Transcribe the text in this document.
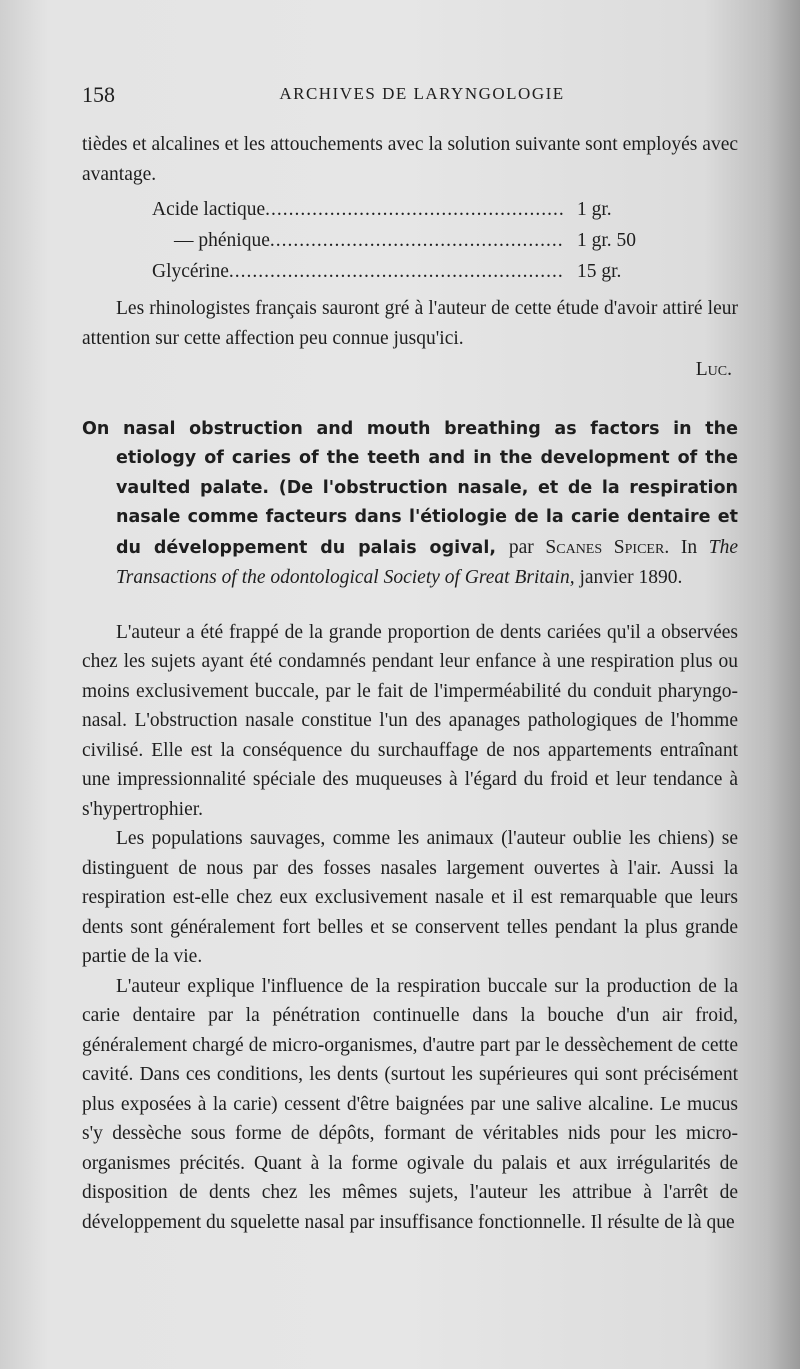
158	ARCHIVES DE LARYNGOLOGIE

tièdes et alcalines et les attouchements avec la solution suivante sont employés avec avantage.

Acide lactique .....	1 gr.
— phénique .....	1 gr. 50
Glycérine .....	15 gr.

Les rhinologistes français sauront gré à l'auteur de cette étude d'avoir attiré leur attention sur cette affection peu connue jusqu'ici.

Luc.
On nasal obstruction and mouth breathing as factors in the etiology of caries of the teeth and in the development of the vaulted palate. (De l'obstruction nasale, et de la respiration nasale comme facteurs dans l'étiologie de la carie dentaire et du développement du palais ogival, par Scanes Spicer. In The Transactions of the odontological Society of Great Britain, janvier 1890.

L'auteur a été frappé de la grande proportion de dents cariées qu'il a observées chez les sujets ayant été condamnés pendant leur enfance à une respiration plus ou moins exclusivement buccale, par le fait de l'imperméabilité du conduit pharyngo-nasal. L'obstruction nasale constitue l'un des apanages pathologiques de l'homme civilisé. Elle est la conséquence du surchauffage de nos appartements entraînant une impressionnalité spéciale des muqueuses à l'égard du froid et leur tendance à s'hypertrophier.

Les populations sauvages, comme les animaux (l'auteur oublie les chiens) se distinguent de nous par des fosses nasales largement ouvertes à l'air. Aussi la respiration est-elle chez eux exclusivement nasale et il est remarquable que leurs dents sont généralement fort belles et se conservent telles pendant la plus grande partie de la vie.

L'auteur explique l'influence de la respiration buccale sur la production de la carie dentaire par la pénétration continuelle dans la bouche d'un air froid, généralement chargé de micro-organismes, d'autre part par le dessèchement de cette cavité. Dans ces conditions, les dents (surtout les supérieures qui sont précisément plus exposées à la carie) cessent d'être baignées par une salive alcaline. Le mucus s'y dessèche sous forme de dépôts, formant de véritables nids pour les micro-organismes précités. Quant à la forme ogivale du palais et aux irrégularités de disposition de dents chez les mêmes sujets, l'auteur les attribue à l'arrêt de développement du squelette nasal par insuffisance fonctionnelle. Il résulte de là que
